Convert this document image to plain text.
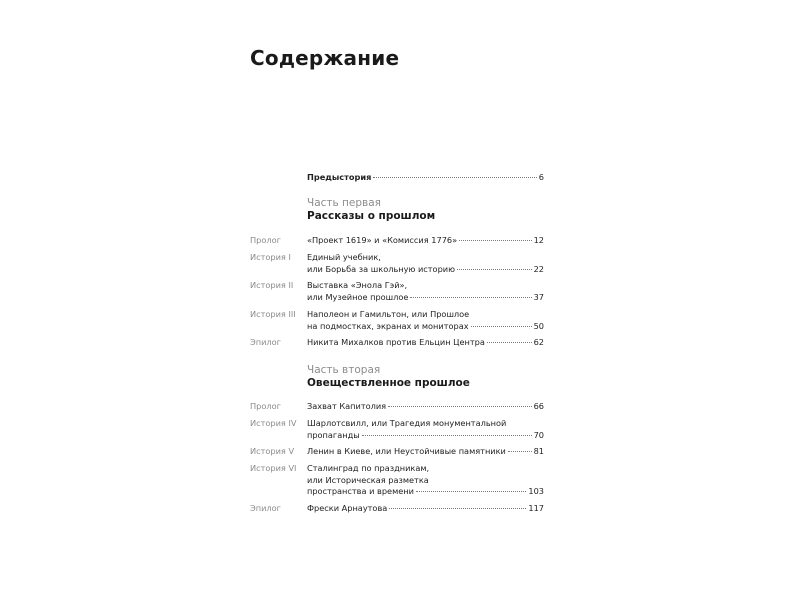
Содержание
Предыстория	6
Часть первая
Рассказы о прошлом
Часть вторая
Овеществленное прошлое
Пролог	«Проект 1619» и «Комиссия 1776»	12
История I	Единый учебник,
или Борьба за школьную историю	22
История II	Выставка «Энола Гэй»,
или Музейное прошлое	37
История III	Наполеон и Гамильтон, или Прошлое
на подмостках, экранах и мониторах	50
Эпилог	Никита Михалков против Ельцин Центра	62
Пролог	Захват Капитолия	66
История IV	Шарлотсвилл, или Трагедия монументальной
пропаганды	70
История V	Ленин в Киеве, или Неустойчивые памятники	81
История VI	Сталинград по праздникам,
или Историческая разметка
пространства и времени	103
Эпилог	Фрески Арнаутова	117
